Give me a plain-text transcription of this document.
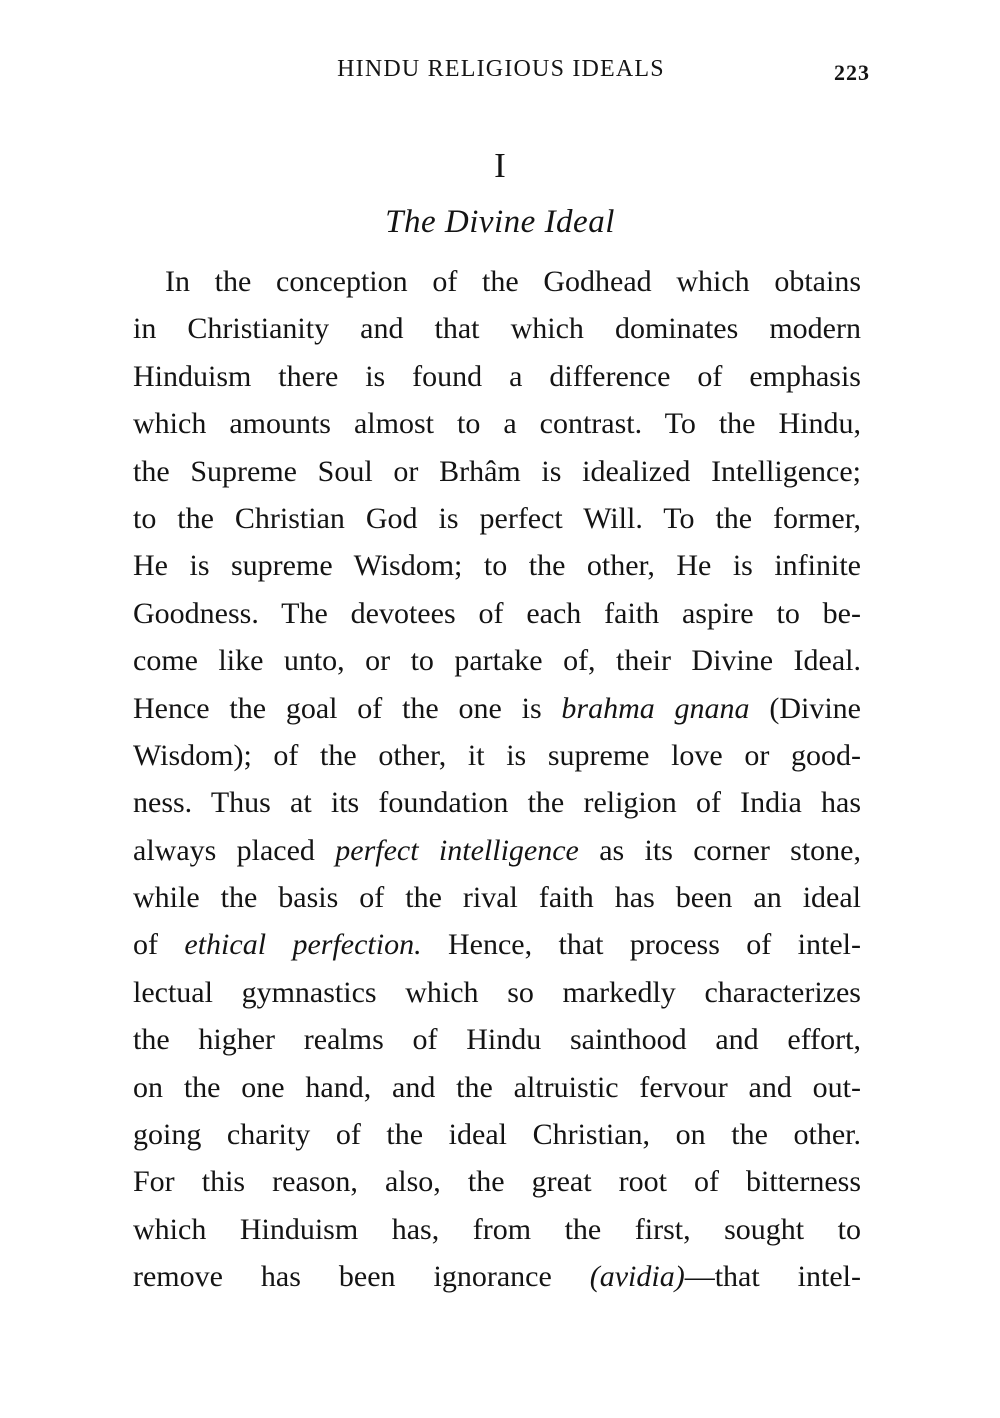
HINDU RELIGIOUS IDEALS	223
I
The Divine Ideal
In the conception of the Godhead which obtains
in Christianity and that which dominates modern
Hinduism there is found a difference of emphasis
which amounts almost to a contrast. To the Hindu,
the Supreme Soul or Brhâm is idealized Intelligence;
to the Christian God is perfect Will. To the former,
He is supreme Wisdom; to the other, He is infinite
Goodness. The devotees of each faith aspire to be-
come like unto, or to partake of, their Divine Ideal.
Hence the goal of the one is brahma gnana (Divine
Wisdom); of the other, it is supreme love or good-
ness. Thus at its foundation the religion of India has
always placed perfect intelligence as its corner stone,
while the basis of the rival faith has been an ideal
of ethical perfection. Hence, that process of intel-
lectual gymnastics which so markedly characterizes
the higher realms of Hindu sainthood and effort,
on the one hand, and the altruistic fervour and out-
going charity of the ideal Christian, on the other.
For this reason, also, the great root of bitterness
which Hinduism has, from the first, sought to
remove has been ignorance (avidia)—that intel-
